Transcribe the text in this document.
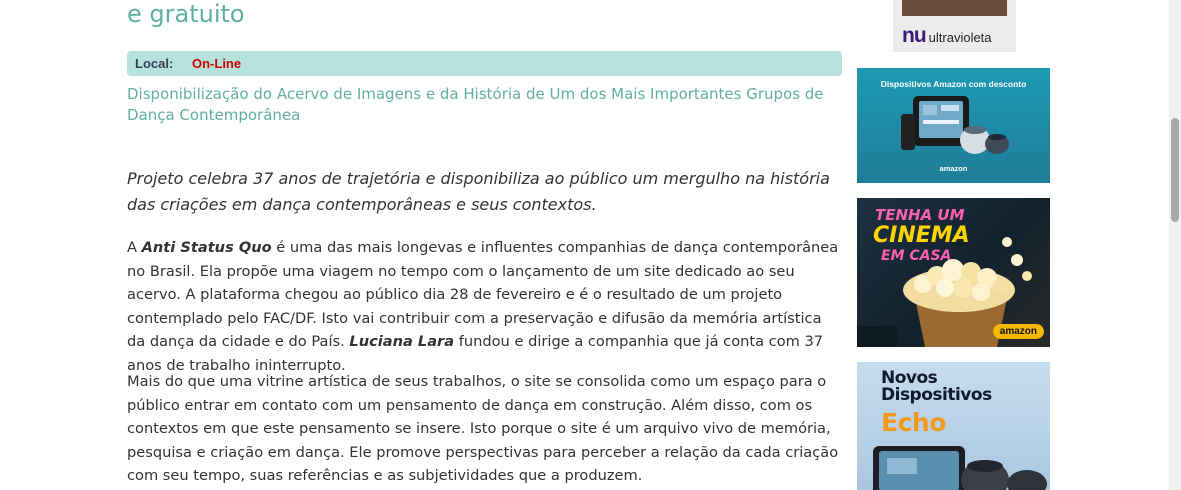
e gratuito
Local: On-Line

Disponibilização do Acervo de Imagens e da História de Um dos Mais Importantes Grupos de Dança Contemporânea

Projeto celebra 37 anos de trajetória e disponibiliza ao público um mergulho na história das criações em dança contemporâneas e seus contextos.

A Anti Status Quo é uma das mais longevas e influentes companhias de dança contemporânea no Brasil. Ela propõe uma viagem no tempo com o lançamento de um site dedicado ao seu acervo. A plataforma chegou ao público dia 28 de fevereiro e é o resultado de um projeto contemplado pelo FAC/DF. Isto vai contribuir com a preservação e difusão da memória artística da dança da cidade e do País. Luciana Lara fundou e dirige a companhia que já conta com 37 anos de trabalho ininterrupto.

Mais do que uma vitrine artística de seus trabalhos, o site se consolida como um espaço para o público entrar em contato com um pensamento de dança em construção. Além disso, com os contextos em que este pensamento se insere. Isto porque o site é um arquivo vivo de memória, pesquisa e criação em dança. Ele promove perspectivas para perceber a relação da cada criação com seu tempo, suas referências e as subjetividades que a produzem.

nu ultravioleta
Dispositivos Amazon com desconto
amazon
TENHA UM
CINEMA
EM CASA
amazon
Novos
Dispositivos
Echo
